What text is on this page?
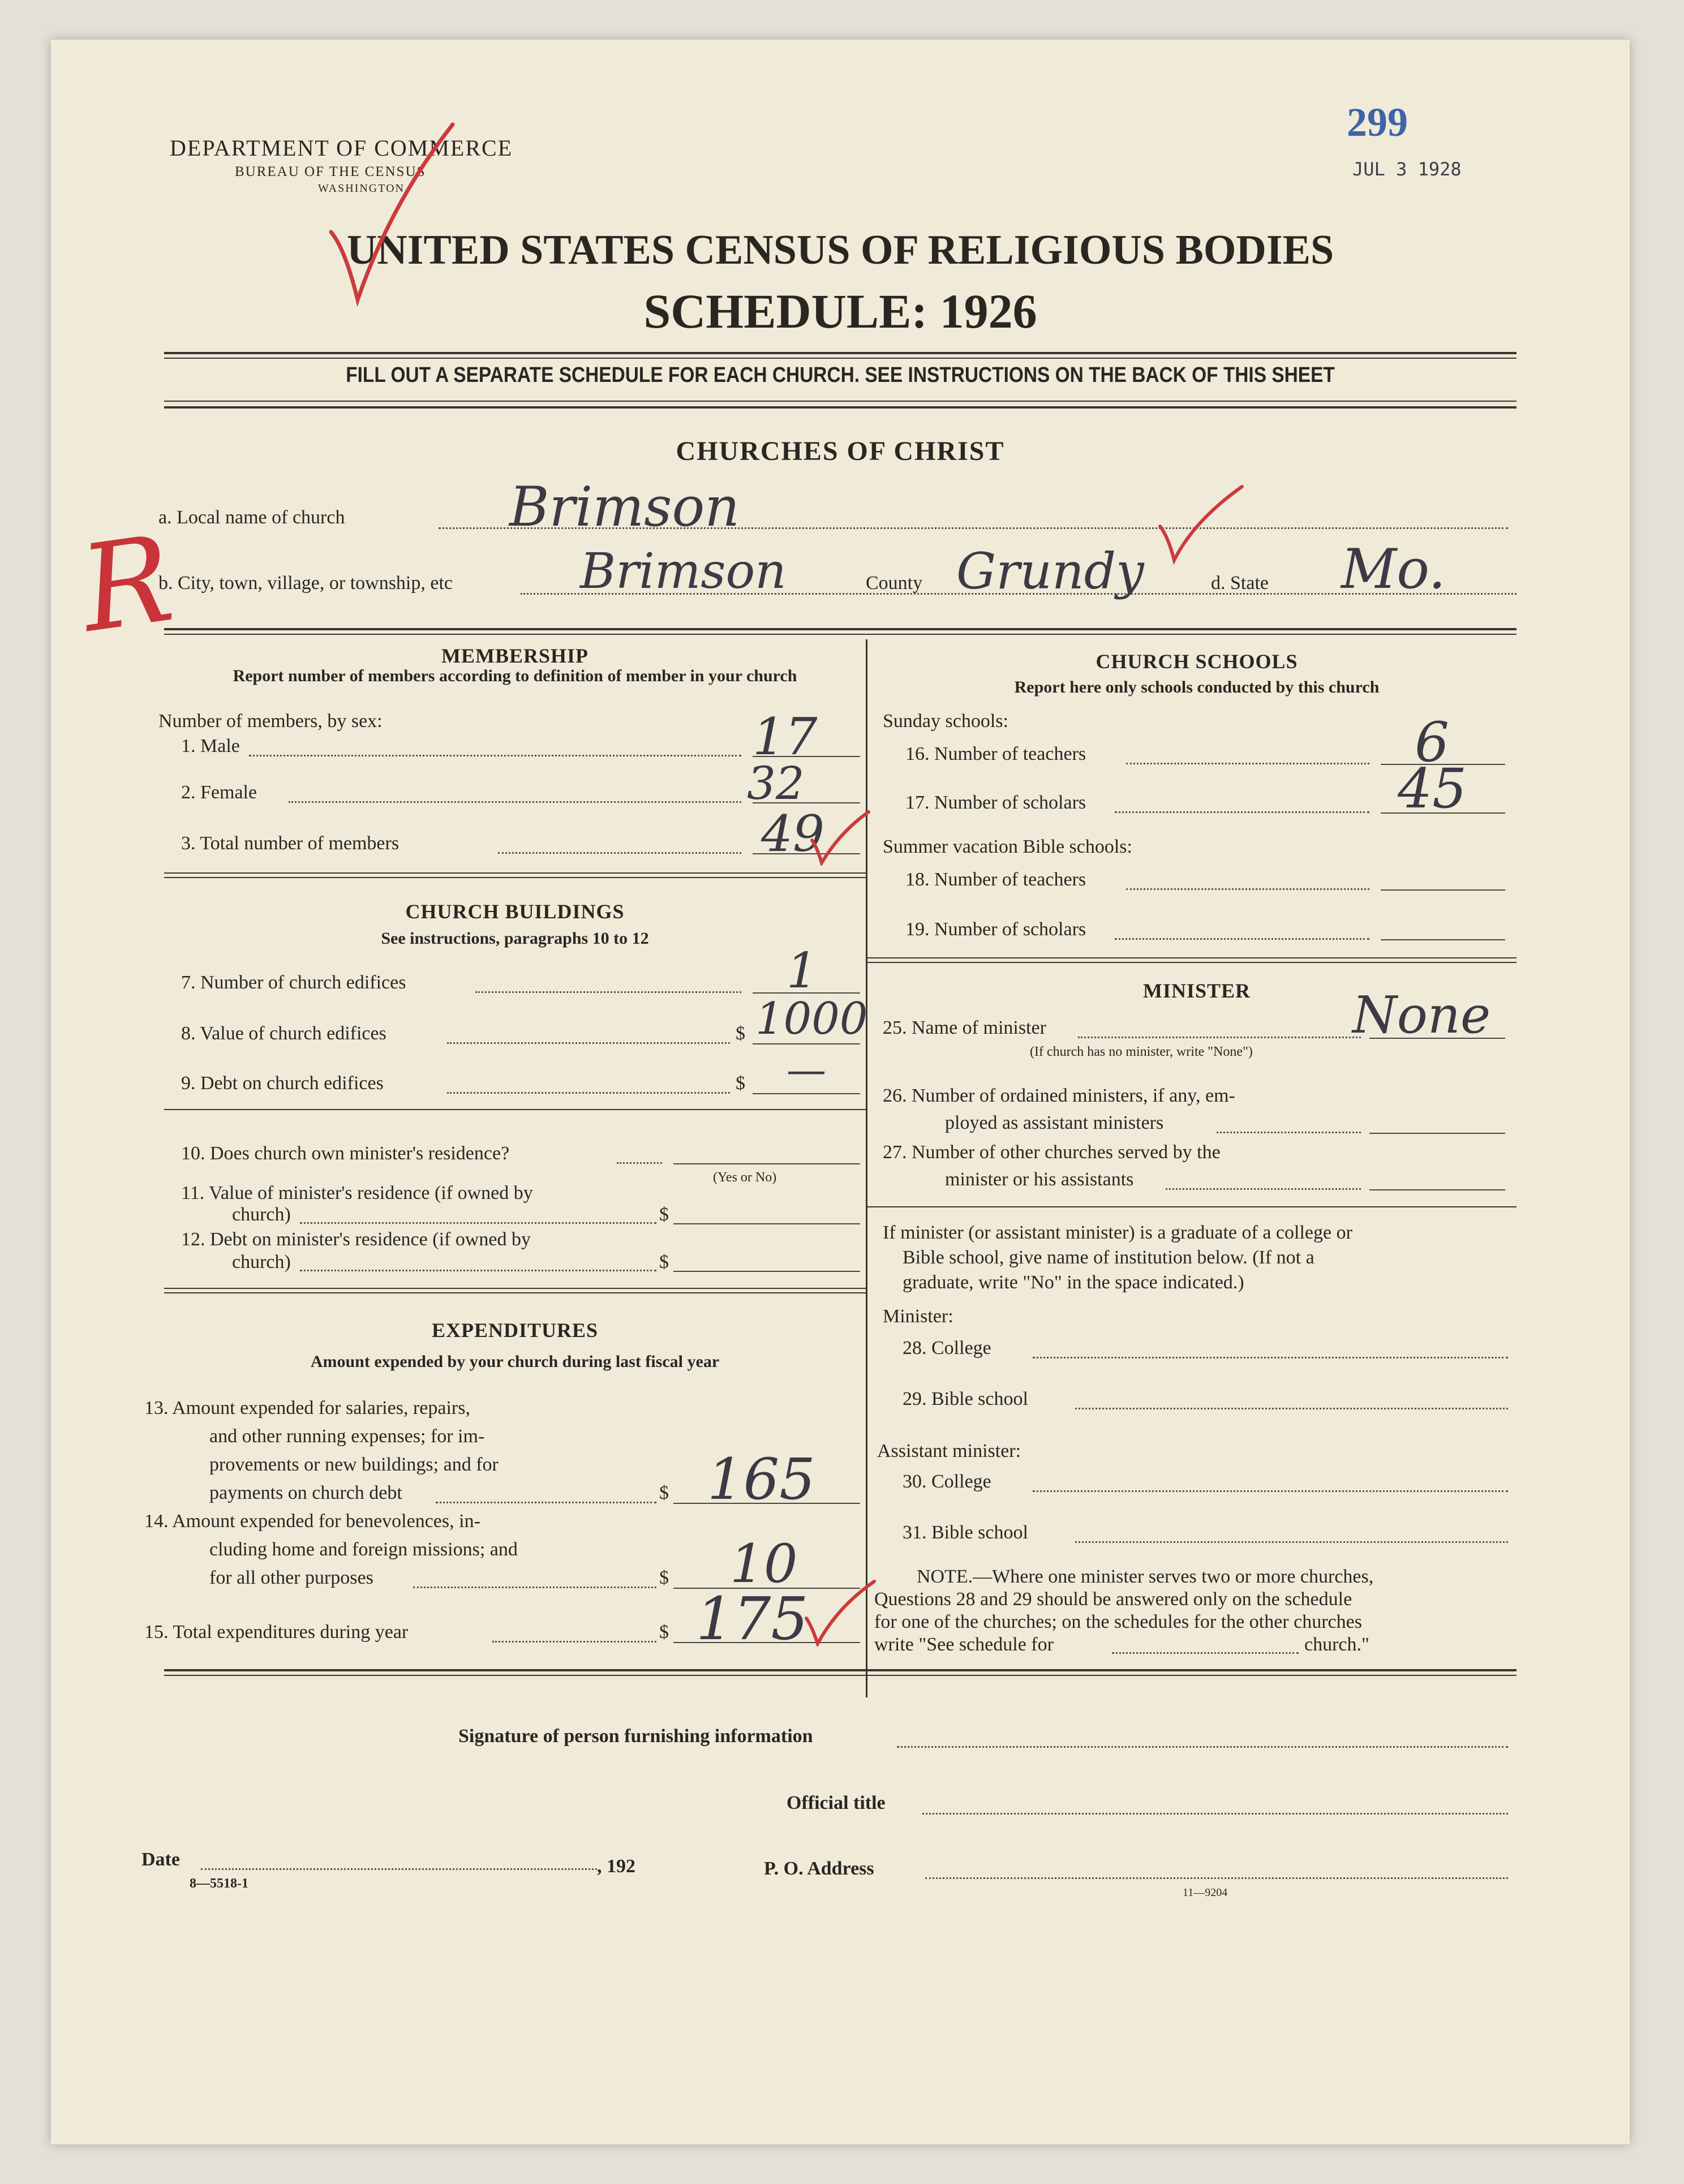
DEPARTMENT OF COMMERCE
BUREAU OF THE CENSUS
WASHINGTON
299
JUL 3 1928
UNITED STATES CENSUS OF RELIGIOUS BODIES
SCHEDULE: 1926
FILL OUT A SEPARATE SCHEDULE FOR EACH CHURCH. SEE INSTRUCTIONS ON THE BACK OF THIS SHEET
CHURCHES OF CHRIST
R
a. Local name of church	Brimson
b. City, town, village, or township, etc	Brimson	County Grundy	d. State Mo.
MEMBERSHIP
Report number of members according to definition of member in your church
Number of members, by sex:
1. Male	17
2. Female	32
3. Total number of members	49
CHURCH BUILDINGS
See instructions, paragraphs 10 to 12
7. Number of church edifices	1
8. Value of church edifices	$ 1000
9. Debt on church edifices	$ —
10. Does church own minister's residence?
(Yes or No)
11. Value of minister's residence (if owned by
church)	$
12. Debt on minister's residence (if owned by
church)	$
EXPENDITURES
Amount expended by your church during last fiscal year
13. Amount expended for salaries, repairs,
and other running expenses; for im-
provements or new buildings; and for
payments on church debt	$ 165
14. Amount expended for benevolences, in-
cluding home and foreign missions; and
for all other purposes	$ 10
15. Total expenditures during year	$ 175
CHURCH SCHOOLS
Report here only schools conducted by this church
Sunday schools:
16. Number of teachers	6
17. Number of scholars	45
Summer vacation Bible schools:
18. Number of teachers
19. Number of scholars
MINISTER
25. Name of minister
(If church has no minister, write "None")
None
26. Number of ordained ministers, if any, em-
ployed as assistant ministers
27. Number of other churches served by the
minister or his assistants
If minister (or assistant minister) is a graduate of a college or
Bible school, give name of institution below. (If not a
graduate, write "No" in the space indicated.)
Minister:
28. College
29. Bible school
Assistant minister:
30. College
31. Bible school
NOTE.—Where one minister serves two or more churches,
Questions 28 and 29 should be answered only on the schedule
for one of the churches; on the schedules for the other churches
write "See schedule for	church."
Signature of person furnishing information
Official title
Date	, 192
8—5518-1
P. O. Address
11—9204
